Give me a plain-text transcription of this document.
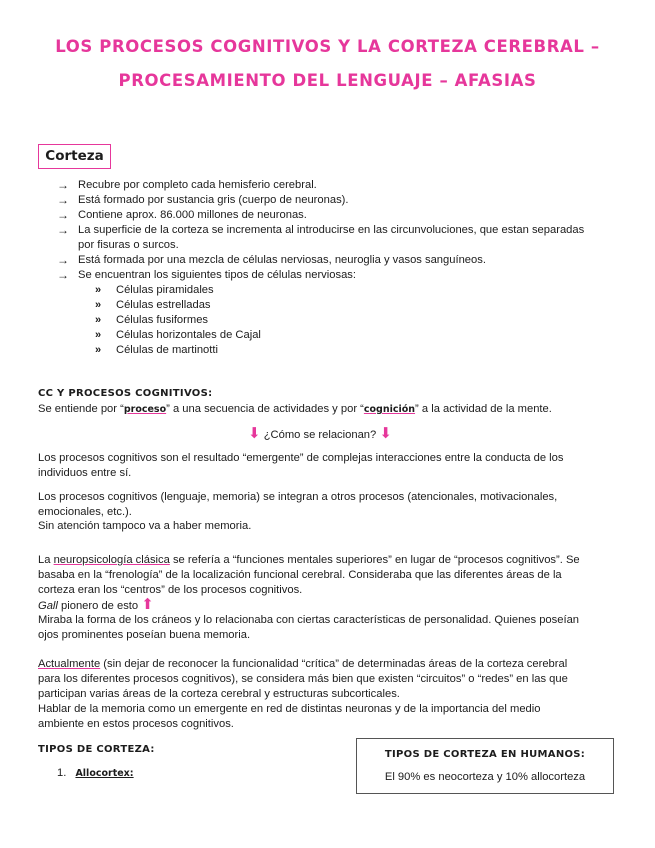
LOS PROCESOS COGNITIVOS Y LA CORTEZA CEREBRAL –
PROCESAMIENTO DEL LENGUAJE – AFASIAS
Corteza
→ Recubre por completo cada hemisferio cerebral.
→ Está formado por sustancia gris (cuerpo de neuronas).
→ Contiene aprox. 86.000 millones de neuronas.
→ La superficie de la corteza se incrementa al introducirse en las circunvoluciones, que estan separadas
por fisuras o surcos.
→ Está formada por una mezcla de células nerviosas, neuroglia y vasos sanguíneos.
→ Se encuentran los siguientes tipos de células nerviosas:
» Células piramidales
» Células estrelladas
» Células fusiformes
» Células horizontales de Cajal
» Células de martinotti
CC Y PROCESOS COGNITIVOS:
Se entiende por “proceso” a una secuencia de actividades y por “cognición” a la actividad de la mente.
⬇ ¿Cómo se relacionan? ⬇
Los procesos cognitivos son el resultado “emergente” de complejas interacciones entre la conducta de los
individuos entre sí.
Los procesos cognitivos (lenguaje, memoria) se integran a otros procesos (atencionales, motivacionales,
emocionales, etc.).
Sin atención tampoco va a haber memoria.
La neuropsicología clásica se refería a “funciones mentales superiores” en lugar de “procesos cognitivos”. Se
basaba en la “frenología” de la localización funcional cerebral. Consideraba que las diferentes áreas de la
corteza eran los “centros” de los procesos cognitivos.
Gall pionero de esto ⬆
Miraba la forma de los cráneos y lo relacionaba con ciertas características de personalidad. Quienes poseían
ojos prominentes poseían buena memoria.
Actualmente (sin dejar de reconocer la funcionalidad “crítica” de determinadas áreas de la corteza cerebral
para los diferentes procesos cognitivos), se considera más bien que existen “circuitos” o “redes” en las que
participan varias áreas de la corteza cerebral y estructuras subcorticales.
Hablar de la memoria como un emergente en red de distintas neuronas y de la importancia del medio
ambiente en estos procesos cognitivos.
TIPOS DE CORTEZA:
1. Allocortex:
TIPOS DE CORTEZA EN HUMANOS:
El 90% es neocorteza y 10% allocorteza
